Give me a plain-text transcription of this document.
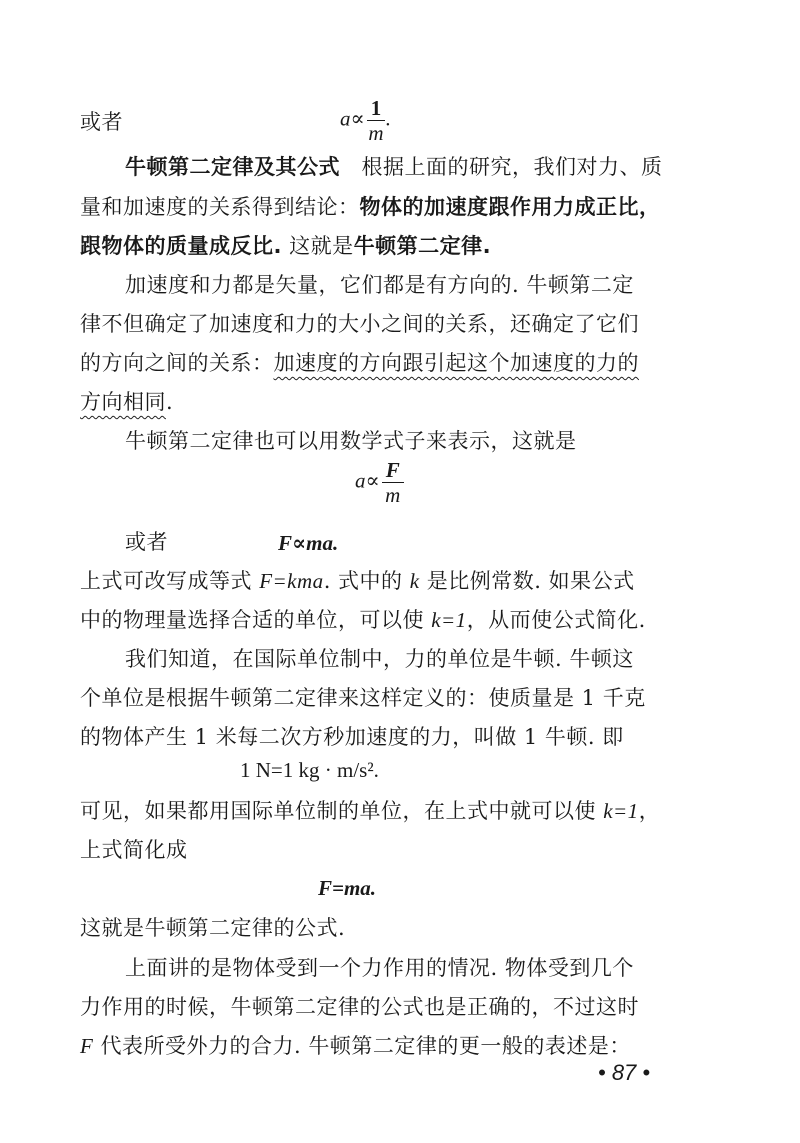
或者	$a\propto \frac{1}{m}$ .
牛顿第二定律及其公式 根据上面的研究，我们对力、质
量和加速度的关系得到结论：物体的加速度跟作用力成正比，
跟物体的质量成反比. 这就是牛顿第二定律.
加速度和力都是矢量，它们都是有方向的. 牛顿第二定
律不但确定了加速度和力的大小之间的关系，还确定了它们
的方向之间的关系：加速度的方向跟引起这个加速度的力的
方向相同.
牛顿第二定律也可以用数学式子来表示，这就是
$a\propto \frac{F}{m}$
或者	F∝ma.
上式可改写成等式 F=kma. 式中的 k 是比例常数. 如果公式
中的物理量选择合适的单位，可以使 k=1，从而使公式简化.
我们知道，在国际单位制中，力的单位是牛顿. 牛顿这
个单位是根据牛顿第二定律来这样定义的：使质量是 1 千克
的物体产生 1 米每二次方秒加速度的力，叫做 1 牛顿. 即
1 N=1 kg · m/s².
可见，如果都用国际单位制的单位，在上式中就可以使 k=1，
上式简化成
F=ma.
这就是牛顿第二定律的公式.
上面讲的是物体受到一个力作用的情况. 物体受到几个
力作用的时候，牛顿第二定律的公式也是正确的，不过这时
F 代表所受外力的合力. 牛顿第二定律的更一般的表述是：
• 87 •
